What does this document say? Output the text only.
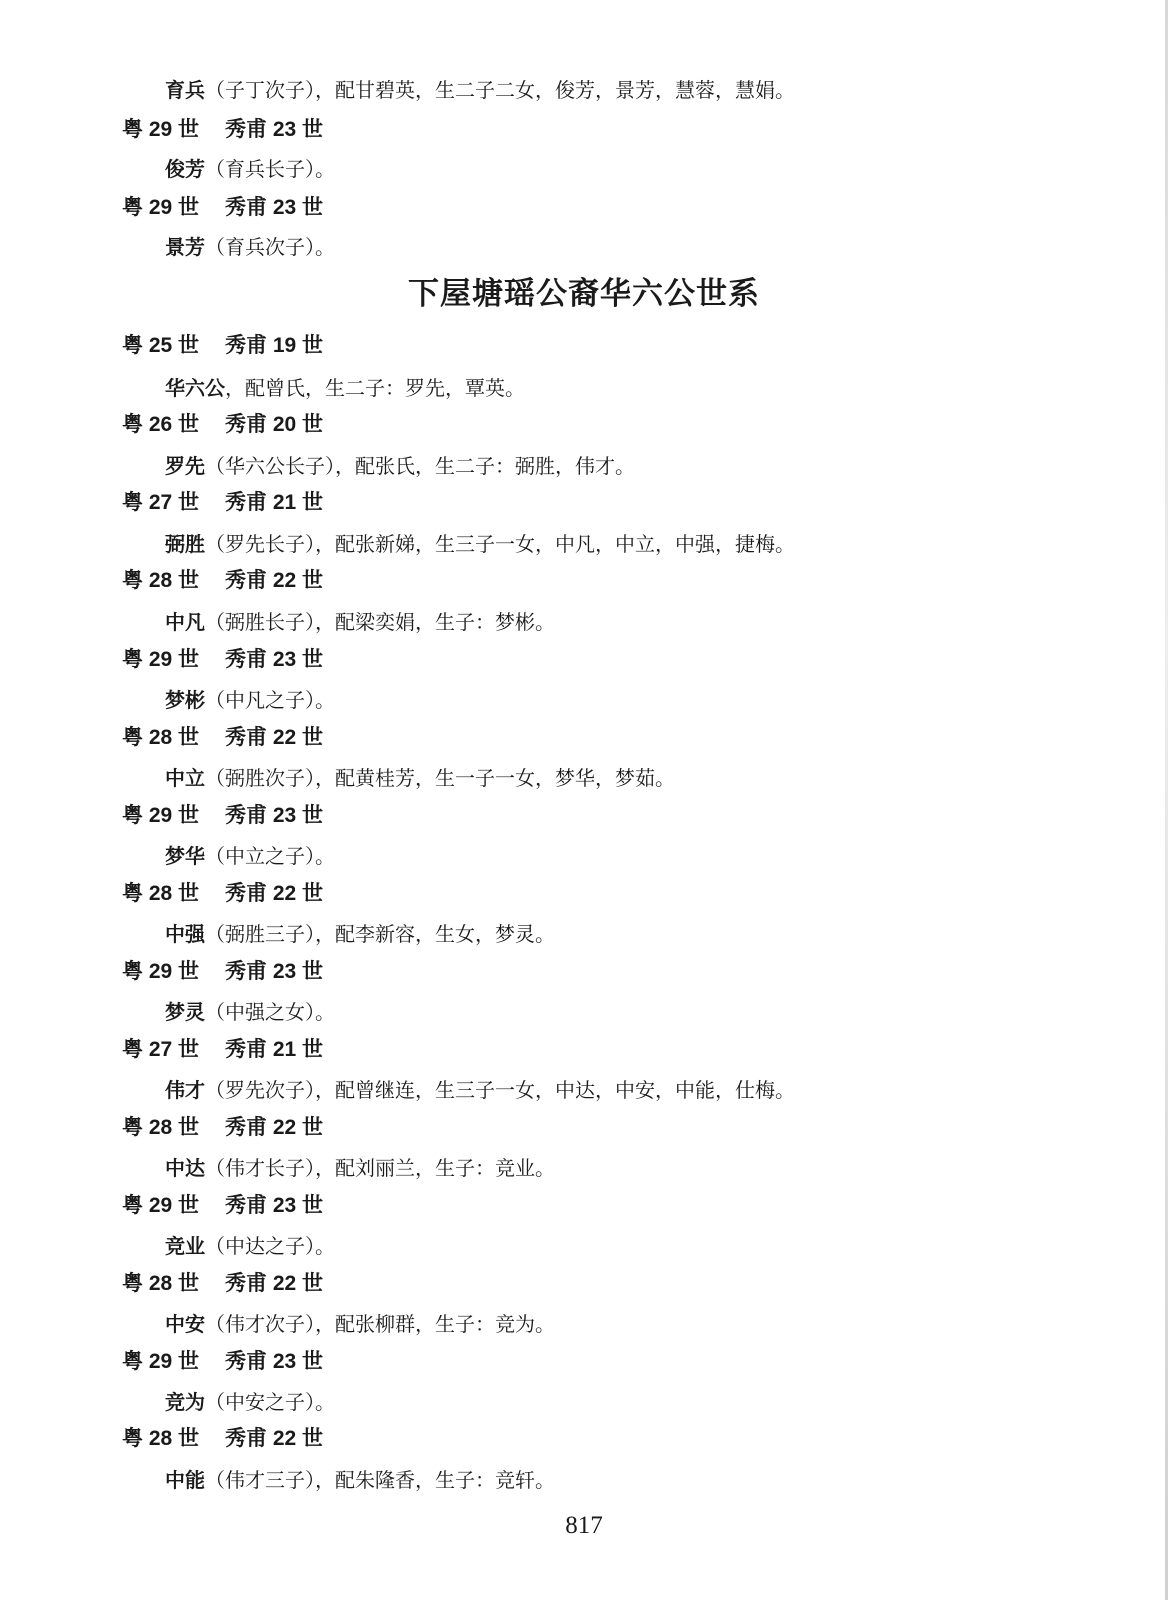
育兵（子丁次子），配甘碧英，生二子二女，俊芳，景芳，慧蓉，慧娟。
粤 29 世 秀甫 23 世
俊芳（育兵长子）。
粤 29 世 秀甫 23 世
景芳（育兵次子）。
下屋塘瑶公裔华六公世系
粤 25 世 秀甫 19 世
华六公，配曾氏，生二子：罗先，覃英。
粤 26 世 秀甫 20 世
罗先（华六公长子），配张氏，生二子：弼胜，伟才。
粤 27 世 秀甫 21 世
弼胜（罗先长子），配张新娣，生三子一女，中凡，中立，中强，捷梅。
粤 28 世 秀甫 22 世
中凡（弼胜长子），配梁奕娟，生子：梦彬。
粤 29 世 秀甫 23 世
梦彬（中凡之子）。
粤 28 世 秀甫 22 世
中立（弼胜次子），配黄桂芳，生一子一女，梦华，梦茹。
粤 29 世 秀甫 23 世
梦华（中立之子）。
粤 28 世 秀甫 22 世
中强（弼胜三子），配李新容，生女，梦灵。
粤 29 世 秀甫 23 世
梦灵（中强之女）。
粤 27 世 秀甫 21 世
伟才（罗先次子），配曾继连，生三子一女，中达，中安，中能，仕梅。
粤 28 世 秀甫 22 世
中达（伟才长子），配刘丽兰，生子：竞业。
粤 29 世 秀甫 23 世
竞业（中达之子）。
粤 28 世 秀甫 22 世
中安（伟才次子），配张柳群，生子：竞为。
粤 29 世 秀甫 23 世
竞为（中安之子）。
粤 28 世 秀甫 22 世
中能（伟才三子），配朱隆香，生子：竞轩。
817
